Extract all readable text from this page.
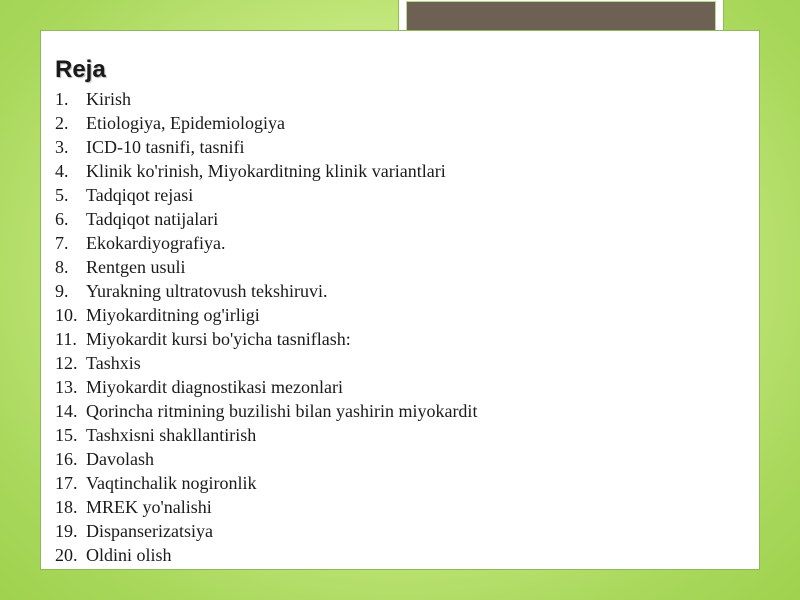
Reja
1. Kirish
2. Etiologiya, Epidemiologiya
3. ICD-10 tasnifi, tasnifi
4. Klinik ko'rinish, Miyokarditning klinik variantlari
5. Tadqiqot rejasi
6. Tadqiqot natijalari
7. Ekokardiyografiya.
8. Rentgen usuli
9. Yurakning ultratovush tekshiruvi.
10. Miyokarditning og'irligi
11. Miyokardit kursi bo'yicha tasniflash:
12. Tashxis
13. Miyokardit diagnostikasi mezonlari
14. Qorincha ritmining buzilishi bilan yashirin miyokardit
15. Tashxisni shakllantirish
16. Davolash
17. Vaqtinchalik nogironlik
18. MREK yo'nalishi
19. Dispanserizatsiya
20. Oldini olish
